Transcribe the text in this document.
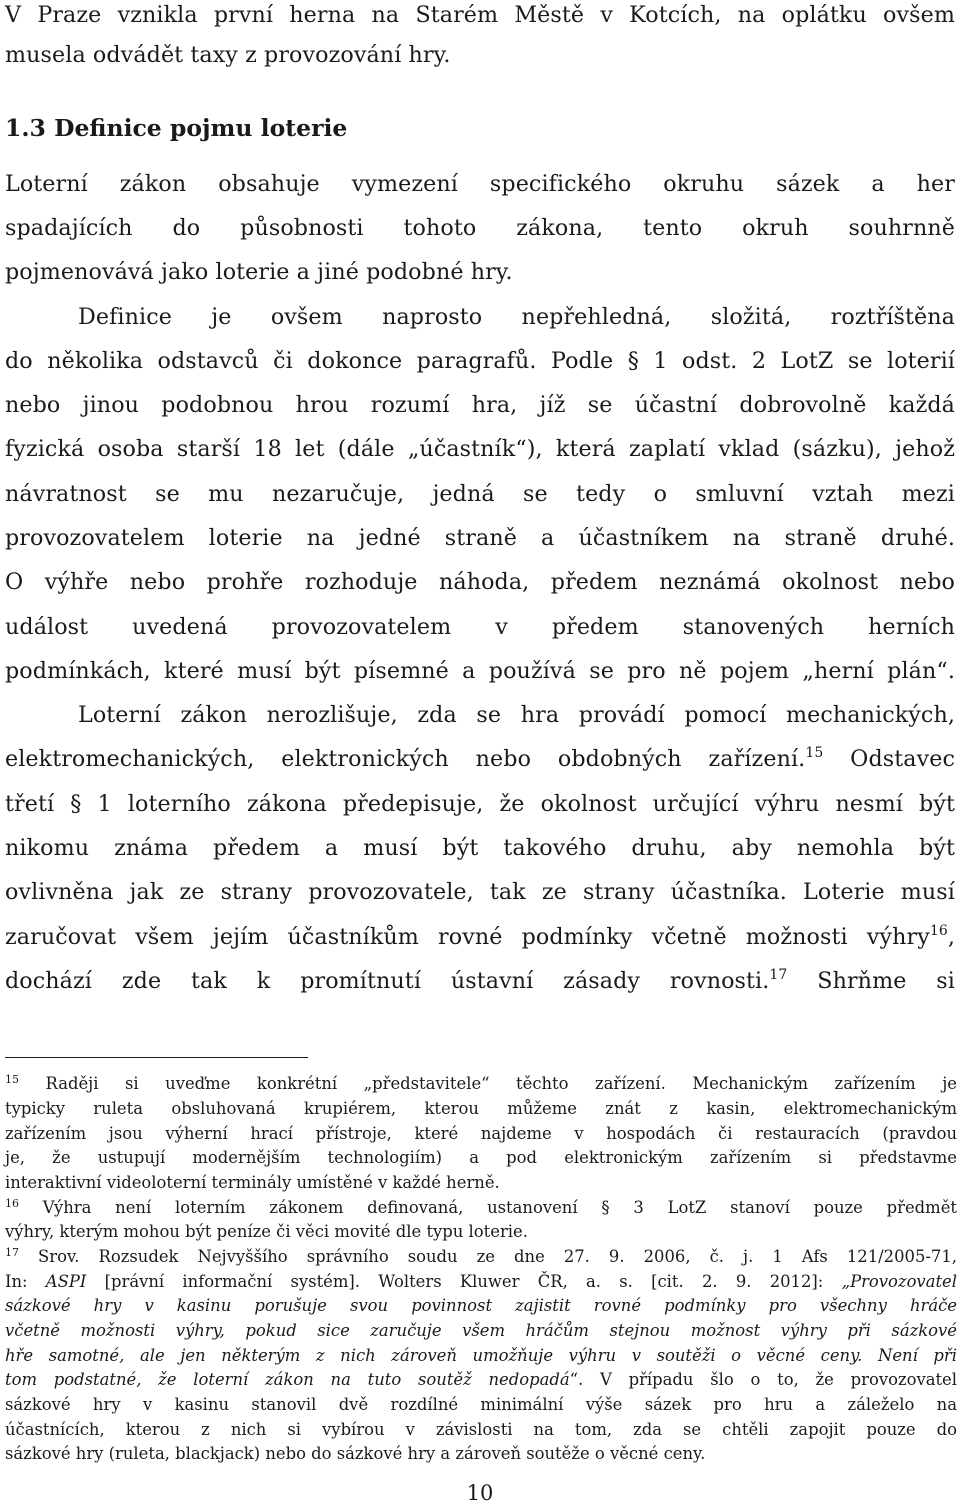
V Praze vznikla první herna na Starém Městě v Kotcích, na oplátku ovšem
musela odvádět taxy z provozování hry.
1.3 Definice pojmu loterie
Loterní zákon obsahuje vymezení specifického okruhu sázek a her
spadajících do působnosti tohoto zákona, tento okruh souhrnně
pojmenovává jako loterie a jiné podobné hry.
Definice je ovšem naprosto nepřehledná, složitá, roztříštěna
do několika odstavců či dokonce paragrafů. Podle § 1 odst. 2 LotZ se loterií
nebo jinou podobnou hrou rozumí hra, jíž se účastní dobrovolně každá
fyzická osoba starší 18 let (dále „účastník“), která zaplatí vklad (sázku), jehož
návratnost se mu nezaručuje, jedná se tedy o smluvní vztah mezi
provozovatelem loterie na jedné straně a účastníkem na straně druhé.
O výhře nebo prohře rozhoduje náhoda, předem neznámá okolnost nebo
událost uvedená provozovatelem v předem stanovených herních
podmínkách, které musí být písemné a používá se pro ně pojem „herní plán“.
Loterní zákon nerozlišuje, zda se hra provádí pomocí mechanických,
elektromechanických, elektronických nebo obdobných zařízení.$^{15}$ Odstavec
třetí § 1 loterního zákona předepisuje, že okolnost určující výhru nesmí být
nikomu známa předem a musí být takového druhu, aby nemohla být
ovlivněna jak ze strany provozovatele, tak ze strany účastníka. Loterie musí
zaručovat všem jejím účastníkům rovné podmínky včetně možnosti výhry$^{16}$,
dochází zde tak k promítnutí ústavní zásady rovnosti.$^{17}$ Shrňme si
$^{15}$ Raději si uveďme konkrétní „představitele“ těchto zařízení. Mechanickým zařízením je
typicky ruleta obsluhovaná krupiérem, kterou můžeme znát z kasin, elektromechanickým
zařízením jsou výherní hrací přístroje, které najdeme v hospodách či restauracích (pravdou
je, že ustupují modernějším technologiím) a pod elektronickým zařízením si představme
interaktivní videoloterní terminály umístěné v každé herně.
$^{16}$ Výhra není loterním zákonem definovaná, ustanovení § 3 LotZ stanoví pouze předmět
výhry, kterým mohou být peníze či věci movité dle typu loterie.
$^{17}$ Srov. Rozsudek Nejvyššího správního soudu ze dne 27. 9. 2006, č. j. 1 Afs 121/2005-71,
In: ASPI [právní informační systém]. Wolters Kluwer ČR, a. s. [cit. 2. 9. 2012]: „Provozovatel
sázkové hry v kasinu porušuje svou povinnost zajistit rovné podmínky pro všechny hráče
včetně možnosti výhry, pokud sice zaručuje všem hráčům stejnou možnost výhry při sázkové
hře samotné, ale jen některým z nich zároveň umožňuje výhru v soutěži o věcné ceny. Není při
tom podstatné, že loterní zákon na tuto soutěž nedopadá“. V případu šlo o to, že provozovatel
sázkové hry v kasinu stanovil dvě rozdílné minimální výše sázek pro hru a záleželo na
účastnících, kterou z nich si vybírou v závislosti na tom, zda se chtěli zapojit pouze do
sázkové hry (ruleta, blackjack) nebo do sázkové hry a zároveň soutěže o věcné ceny.
10
